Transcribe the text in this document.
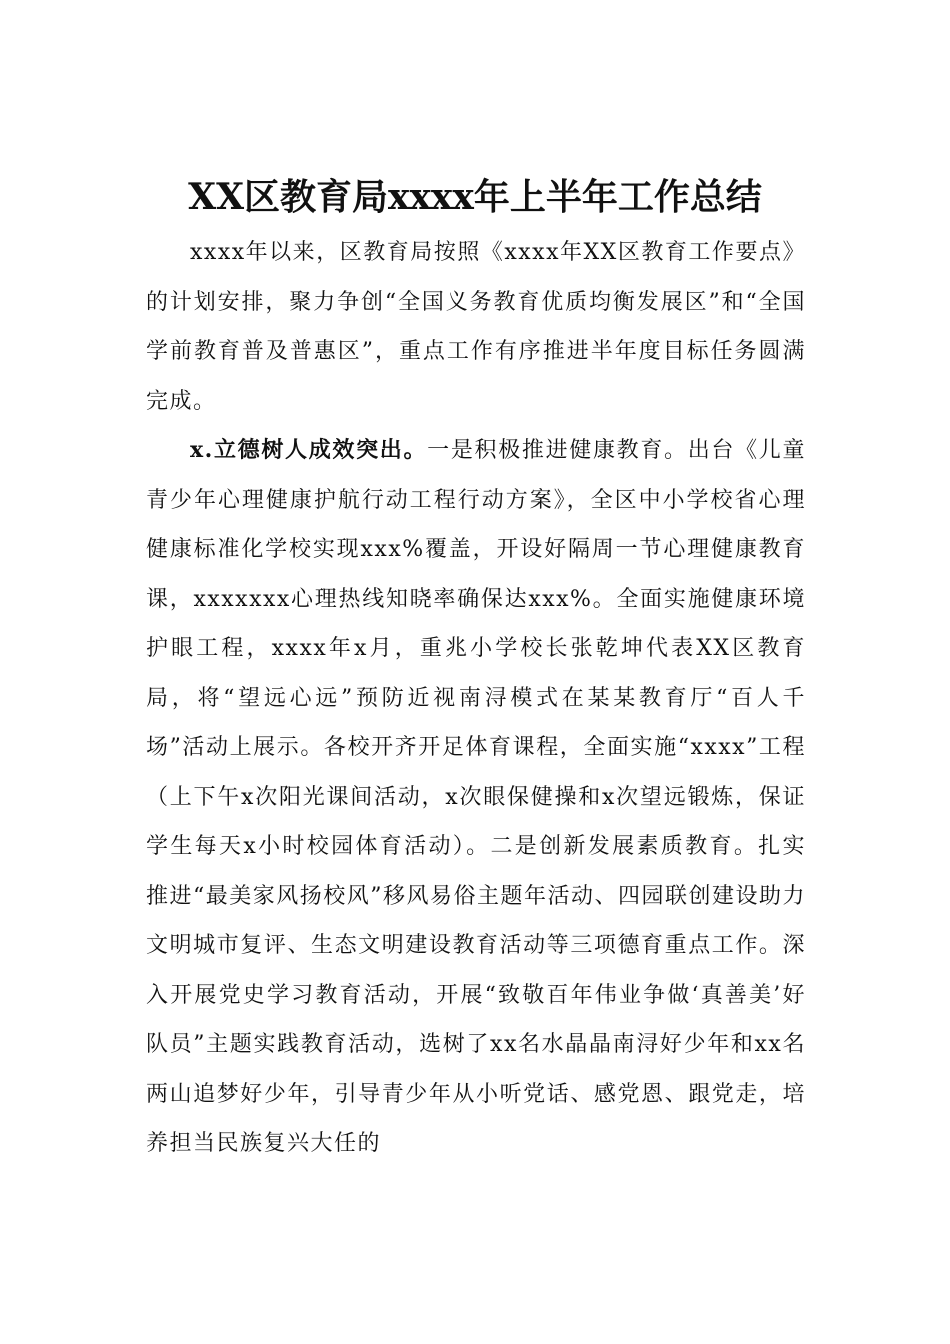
XX区教育局xxxx年上半年工作总结

xxxx年以来，区教育局按照《xxxx年XX区教育工作要点》的计划安排，聚力争创“全国义务教育优质均衡发展区”和“全国学前教育普及普惠区”，重点工作有序推进半年度目标任务圆满完成。

x.立德树人成效突出。一是积极推进健康教育。出台《儿童青少年心理健康护航行动工程行动方案》，全区中小学校省心理健康标准化学校实现xxx%覆盖，开设好隔周一节心理健康教育课，xxxxxxx心理热线知晓率确保达xxx%。全面实施健康环境护眼工程，xxxx年x月，重兆小学校长张乾坤代表XX区教育局，将“望远心远”预防近视南浔模式在某某教育厅“百人千场”活动上展示。各校开齐开足体育课程，全面实施“xxxx”工程（上下午x次阳光课间活动，x次眼保健操和x次望远锻炼，保证学生每天x小时校园体育活动）。二是创新发展素质教育。扎实推进“最美家风扬校风”移风易俗主题年活动、四园联创建设助力文明城市复评、生态文明建设教育活动等三项德育重点工作。深入开展党史学习教育活动，开展“致敬百年伟业争做‘真善美’好队员”主题实践教育活动，选树了xx名水晶晶南浔好少年和xx名两山追梦好少年，引导青少年从小听党话、感党恩、跟党走，培养担当民族复兴大任的
